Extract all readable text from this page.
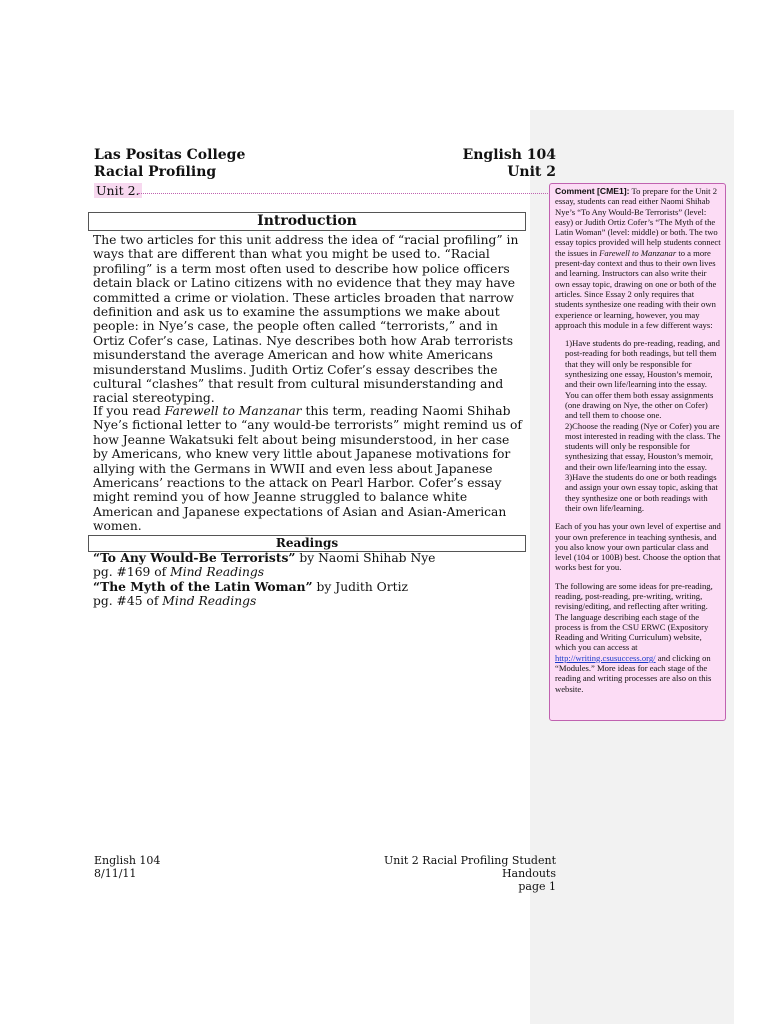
Las Positas College
Racial Profiling
English 104
Unit 2
Unit 2.
Introduction
The two articles for this unit address the idea of “racial profiling” in ways that are different than what you might be used to. “Racial profiling” is a term most often used to describe how police officers detain black or Latino citizens with no evidence that they may have committed a crime or violation. These articles broaden that narrow definition and ask us to examine the assumptions we make about people: in Nye’s case, the people often called “terrorists,” and in Ortiz Cofer’s case, Latinas. Nye describes both how Arab terrorists misunderstand the average American and how white Americans misunderstand Muslims. Judith Ortiz Cofer’s essay describes the cultural “clashes” that result from cultural misunderstanding and racial stereotyping.
If you read Farewell to Manzanar this term, reading Naomi Shihab Nye’s fictional letter to “any would-be terrorists” might remind us of how Jeanne Wakatsuki felt about being misunderstood, in her case by Americans, who knew very little about Japanese motivations for allying with the Germans in WWII and even less about Japanese Americans’ reactions to the attack on Pearl Harbor. Cofer’s essay might remind you of how Jeanne struggled to balance white American and Japanese expectations of Asian and Asian-American women.
Readings
“To Any Would-Be Terrorists” by Naomi Shihab Nye
pg. #169 of Mind Readings
“The Myth of the Latin Woman” by Judith Ortiz
pg. #45 of Mind Readings
English 104
8/11/11
Unit 2 Racial Profiling Student Handouts
page 1

Comment [CME1]: To prepare for the Unit 2 essay, students can read either Naomi Shihab Nye’s “To Any Would-Be Terrorists” (level: easy) or Judith Ortiz Cofer’s “The Myth of the Latin Woman” (level: middle) or both. The two essay topics provided will help students connect the issues in Farewell to Manzanar to a more present-day context and thus to their own lives and learning. Instructors can also write their own essay topic, drawing on one or both of the articles. Since Essay 2 only requires that students synthesize one reading with their own experience or learning, however, you may approach this module in a few different ways:

1)Have students do pre-reading, reading, and post-reading for both readings, but tell them that they will only be responsible for synthesizing one essay, Houston’s memoir, and their own life/learning into the essay. You can offer them both essay assignments (one drawing on Nye, the other on Cofer) and tell them to choose one.
2)Choose the reading (Nye or Cofer) you are most interested in reading with the class. The students will only be responsible for synthesizing that essay, Houston’s memoir, and their own life/learning into the essay.
3)Have the students do one or both readings and assign your own essay topic, asking that they synthesize one or both readings with their own life/learning.

Each of you has your own level of expertise and your own preference in teaching synthesis, and you also know your own particular class and level (104 or 100B) best. Choose the option that works best for you.

The following are some ideas for pre-reading, reading, post-reading, pre-writing, writing, revising/editing, and reflecting after writing. The language describing each stage of the process is from the CSU ERWC (Expository Reading and Writing Curriculum) website, which you can access at http://writing.csusuccess.org/ and clicking on “Modules.” More ideas for each stage of the reading and writing processes are also on this website.
